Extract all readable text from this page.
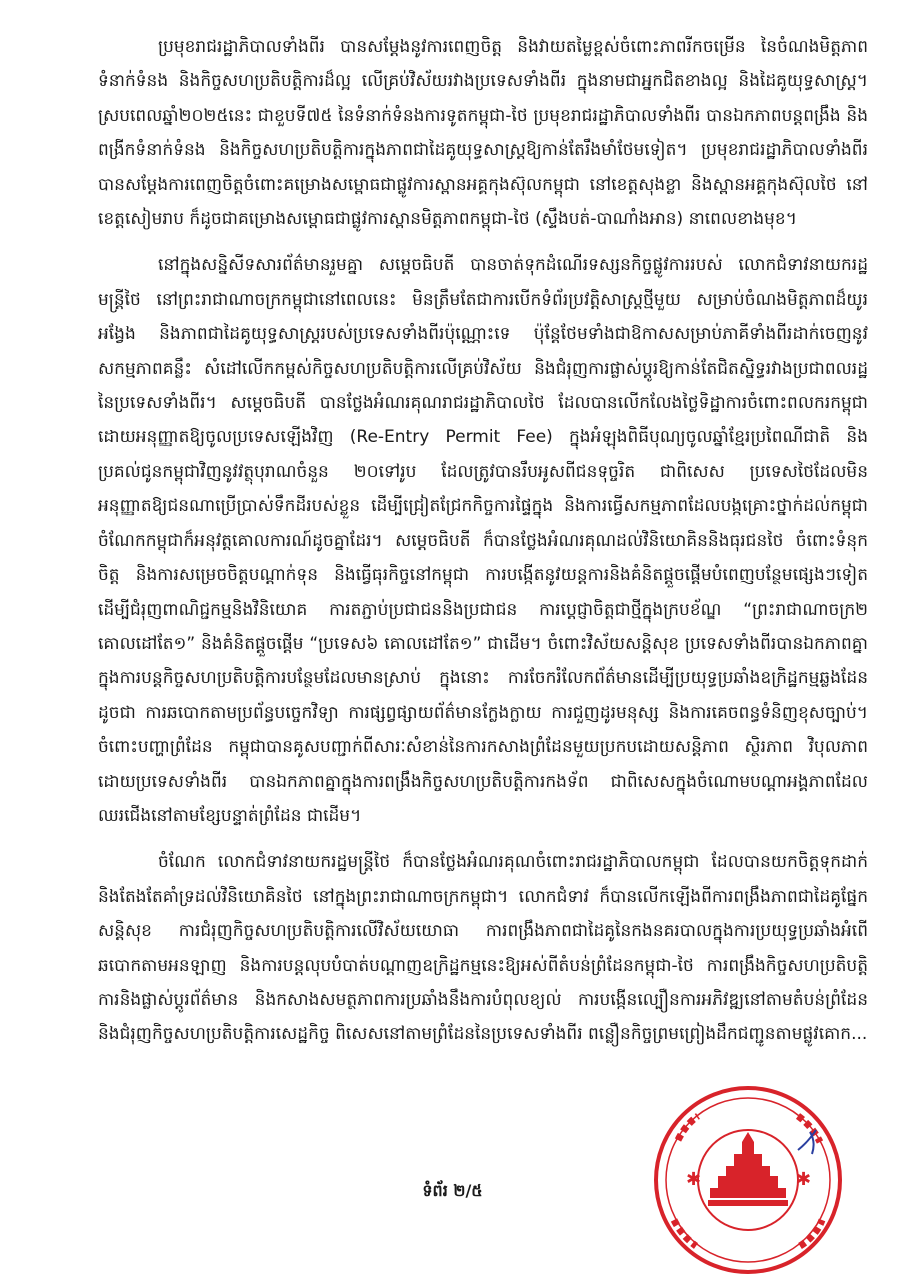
ប្រមុខរាជរដ្ឋាភិបាលទាំងពីរ បានសម្ដែងនូវការពេញចិត្ត និងវាយតម្លៃខ្ពស់ចំពោះភាពរីកចម្រើន នៃចំណងមិត្តភាព ទំនាក់ទំនង និងកិច្ចសហប្រតិបត្តិការដ៏ល្អ លើគ្រប់វិស័យរវាងប្រទេសទាំងពីរ ក្នុងនាមជាអ្នកជិតខាងល្អ និងដៃគូយុទ្ធសាស្ត្រ។ ស្របពេលឆ្នាំ២០២៥នេះ ជាខួបទី៧៥ នៃទំនាក់ទំនងការទូតកម្ពុជា-ថៃ ប្រមុខរាជរដ្ឋាភិបាលទាំងពីរ បានឯកភាពបន្តពង្រឹង និងពង្រីកទំនាក់ទំនង និងកិច្ចសហប្រតិបត្តិការក្នុងភាពជាដៃគូយុទ្ធសាស្ត្រឱ្យកាន់តែរឹងមាំថែមទៀត។ ប្រមុខរាជរដ្ឋាភិបាលទាំងពីរ បានសម្ដែងការពេញចិត្តចំពោះគម្រោងសម្ពោធជាផ្លូវការស្ពានអគ្គកុងស៊ុលកម្ពុជា នៅខេត្តសុងខ្លា និងស្ពានអគ្គកុងស៊ុលថៃ នៅខេត្តសៀមរាប ក៏ដូចជាគម្រោងសម្ពោធជាផ្លូវការស្ពានមិត្តភាពកម្ពុជា-ថៃ (ស្ទឹងបត់-បាណាំងអាន) នាពេលខាងមុខ។

នៅក្នុងសន្និសីទសារព័ត៌មានរួមគ្នា សម្ដេចធិបតី បានចាត់ទុកដំណើរទស្សនកិច្ចផ្លូវការរបស់ លោកជំទាវនាយករដ្ឋមន្ត្រីថៃ នៅព្រះរាជាណាចក្រកម្ពុជានៅពេលនេះ មិនត្រឹមតែជាការបើកទំព័រប្រវត្តិសាស្ត្រថ្មីមួយ សម្រាប់ចំណងមិត្តភាពដ៏យូរអង្វែង និងភាពជាដៃគូយុទ្ធសាស្ត្ររបស់ប្រទេសទាំងពីរប៉ុណ្ណោះទេ ប៉ុន្តែថែមទាំងជាឱកាសសម្រាប់ភាគីទាំងពីរដាក់ចេញនូវសកម្មភាពគន្លឹះ សំដៅលើកកម្ពស់កិច្ចសហប្រតិបត្តិការលើគ្រប់វិស័យ និងជំរុញការផ្លាស់ប្ដូរឱ្យកាន់តែជិតស្និទ្ធរវាងប្រជាពលរដ្ឋនៃប្រទេសទាំងពីរ។ សម្ដេចធិបតី បានថ្លែងអំណរគុណរាជរដ្ឋាភិបាលថៃ ដែលបានលើកលែងថ្លៃទិដ្ឋាការចំពោះពលករកម្ពុជា ដោយអនុញ្ញាតឱ្យចូលប្រទេសឡើងវិញ (Re-Entry Permit Fee) ក្នុងអំឡុងពិធីបុណ្យចូលឆ្នាំខ្មែរប្រពៃណីជាតិ និងប្រគល់ជូនកម្ពុជាវិញនូវវត្ថុបុរាណចំនួន ២០ទៅរូប ដែលត្រូវបានរឹបអូសពីជនទុច្ចរិត ជាពិសេស ប្រទេសថៃដែលមិនអនុញ្ញាតឱ្យជនណាប្រើប្រាស់ទឹកដីរបស់ខ្លួន ដើម្បីជ្រៀតជ្រែកកិច្ចការផ្ទៃក្នុង និងការធ្វើសកម្មភាពដែលបង្កគ្រោះថ្នាក់ដល់កម្ពុជា ចំណែកកម្ពុជាក៏អនុវត្តគោលការណ៍ដូចគ្នាដែរ។ សម្ដេចធិបតី ក៏បានថ្លែងអំណរគុណដល់វិនិយោគិននិងធុរជនថៃ ចំពោះទំនុកចិត្ត និងការសម្រេចចិត្តបណ្ដាក់ទុន និងធ្វើធុរកិច្ចនៅកម្ពុជា ការបង្កើតនូវយន្តការនិងគំនិតផ្ដួចផ្ដើមបំពេញបន្ថែមផ្សេងៗទៀត ដើម្បីជំរុញពាណិជ្ជកម្មនិងវិនិយោគ ការតភ្ជាប់ប្រជាជននិងប្រជាជន ការប្ដេជ្ញាចិត្តជាថ្មីក្នុងក្របខ័ណ្ឌ “ព្រះរាជាណាចក្រ២ គោលដៅតែ១” និងគំនិតផ្ដួចផ្ដើម “ប្រទេស៦ គោលដៅតែ១” ជាដើម។ ចំពោះវិស័យសន្តិសុខ ប្រទេសទាំងពីរបានឯកភាពគ្នាក្នុងការបន្តកិច្ចសហប្រតិបត្តិការបន្ថែមដែលមានស្រាប់ ក្នុងនោះ ការចែករំលែកព័ត៌មានដើម្បីប្រយុទ្ធប្រឆាំងឧក្រិដ្ឋកម្មឆ្លងដែន ដូចជា ការឆបោកតាមប្រព័ន្ធបច្ចេកវិទ្យា ការផ្សព្វផ្សាយព័ត៌មានក្លែងក្លាយ ការជួញដូរមនុស្ស និងការគេចពន្ធទំនិញខុសច្បាប់។ ចំពោះបញ្ហាព្រំដែន កម្ពុជាបានគូសបញ្ជាក់ពីសារៈសំខាន់នៃការកសាងព្រំដែនមួយប្រកបដោយសន្តិភាព ស្ថិរភាព វិបុលភាព ដោយប្រទេសទាំងពីរ បានឯកភាពគ្នាក្នុងការពង្រឹងកិច្ចសហប្រតិបត្តិការកងទ័ព ជាពិសេសក្នុងចំណោមបណ្ដាអង្គភាពដែលឈរជើងនៅតាមខ្សែបន្ទាត់ព្រំដែន ជាដើម។

ចំណែក លោកជំទាវនាយករដ្ឋមន្ត្រីថៃ ក៏បានថ្លែងអំណរគុណចំពោះរាជរដ្ឋាភិបាលកម្ពុជា ដែលបានយកចិត្តទុកដាក់ និងតែងតែគាំទ្រដល់វិនិយោគិនថៃ នៅក្នុងព្រះរាជាណាចក្រកម្ពុជា។ លោកជំទាវ ក៏បានលើកឡើងពីការពង្រឹងភាពជាដៃគូផ្នែកសន្តិសុខ ការជំរុញកិច្ចសហប្រតិបត្តិការលើវិស័យយោធា ការពង្រឹងភាពជាដៃគូនៃកងនគរបាលក្នុងការប្រយុទ្ធប្រឆាំងអំពើឆបោកតាមអនឡាញ និងការបន្តលុបបំបាត់បណ្ដាញឧក្រិដ្ឋកម្មនេះឱ្យអស់ពីតំបន់ព្រំដែនកម្ពុជា-ថៃ ការពង្រឹងកិច្ចសហប្រតិបត្តិការនិងផ្លាស់ប្ដូរព័ត៌មាន និងកសាងសមត្ថភាពការប្រឆាំងនឹងការបំពុលខ្យល់ ការបង្កើនល្បឿនការអភិវឌ្ឍនៅតាមតំបន់ព្រំដែន និងជំរុញកិច្ចសហប្រតិបត្តិការសេដ្ឋកិច្ច ពិសេសនៅតាមព្រំដែននៃប្រទេសទាំងពីរ ពន្លឿនកិច្ចព្រមព្រៀងដឹកជញ្ជូនតាមផ្លូវគោក...

ទំព័រ ២/៥
✱	✱
